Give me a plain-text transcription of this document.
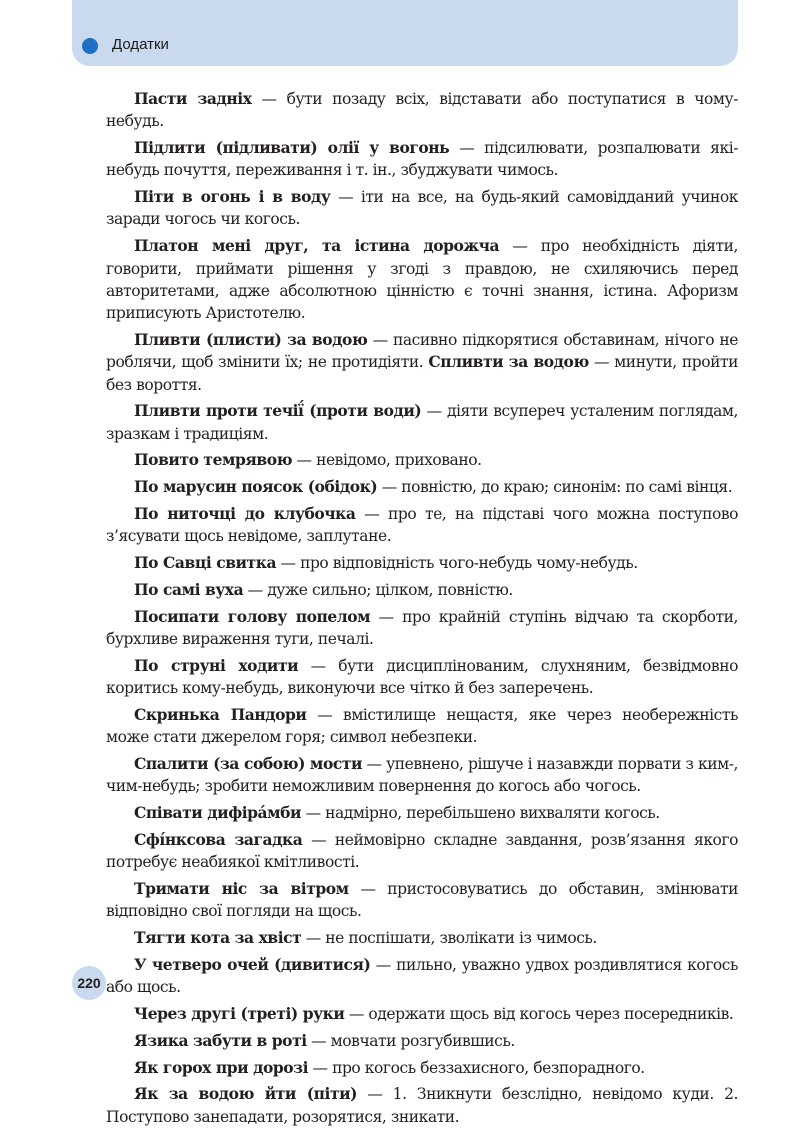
Додатки

Пасти задніх — бути позаду всіх, відставати або поступатися в чому-небудь.

Підлити (підливати) олії у вогонь — підсилювати, розпалювати які-небудь почуття, переживання і т. ін., збуджувати чимось.

Піти в огонь і в воду — іти на все, на будь-який самовідданий учинок заради чогось чи когось.

Платон мені друг, та істина дорожча — про необхідність діяти, говорити, приймати рішення у згоді з правдою, не схиляючись перед авторитетами, адже абсолютною цінністю є точні знання, істина. Афоризм приписують Аристотелю.

Пливти (плисти) за водою — пасивно підкорятися обставинам, нічого не роблячи, щоб змінити їх; не протидіяти. Спливти за водою — минути, пройти без вороття.

Пливти проти течії́ (проти води) — діяти всупереч усталеним поглядам, зразкам і традиціям.

Повито темрявою — невідомо, приховано.

По марусин поясок (обідок) — повністю, до краю; синонім: по самі вінця.

По ниточці до клубочка — про те, на підставі чого можна поступово з’ясувати щось невідоме, заплутане.

По Савці свитка — про відповідність чого-небудь чому-небудь.

По самі вуха — дуже сильно; цілком, повністю.

Посипати голову попелом — про крайній ступінь відчаю та скорботи, бурхливе вираження туги, печалі.

По струні ходити — бути дисциплінованим, слухняним, безвідмовно коритись кому-небудь, виконуючи все чітко й без заперечень.

Скринька Пандори — вмістилище нещастя, яке через необережність може стати джерелом горя; символ небезпеки.

Спалити (за собою) мости — упевнено, рішуче і назавжди порвати з ким-, чим-небудь; зробити неможливим повернення до когось або чогось.

Співати дифіра́мби — надмірно, перебільшено вихваляти когось.

Сфі́нксова загадка — неймовірно складне завдання, розв’язання якого потребує неабиякої кмітливості.

Тримати ніс за вітром — пристосовуватись до обставин, змінювати відповідно свої погляди на щось.

Тягти кота за хвіст — не поспішати, зволікати із чимось.

У четверо очей (дивитися) — пильно, уважно удвох роздивлятися когось або щось.

Через другі (треті) руки — одержати щось від когось через посередників.

Язика забути в роті — мовчати розгубившись.

Як горох при дорозі — про когось беззахисного, безпорадного.

Як за водою йти (піти) — 1. Зникнути безслідно, невідомо куди. 2. Поступово занепадати, розорятися, зникати.

220
